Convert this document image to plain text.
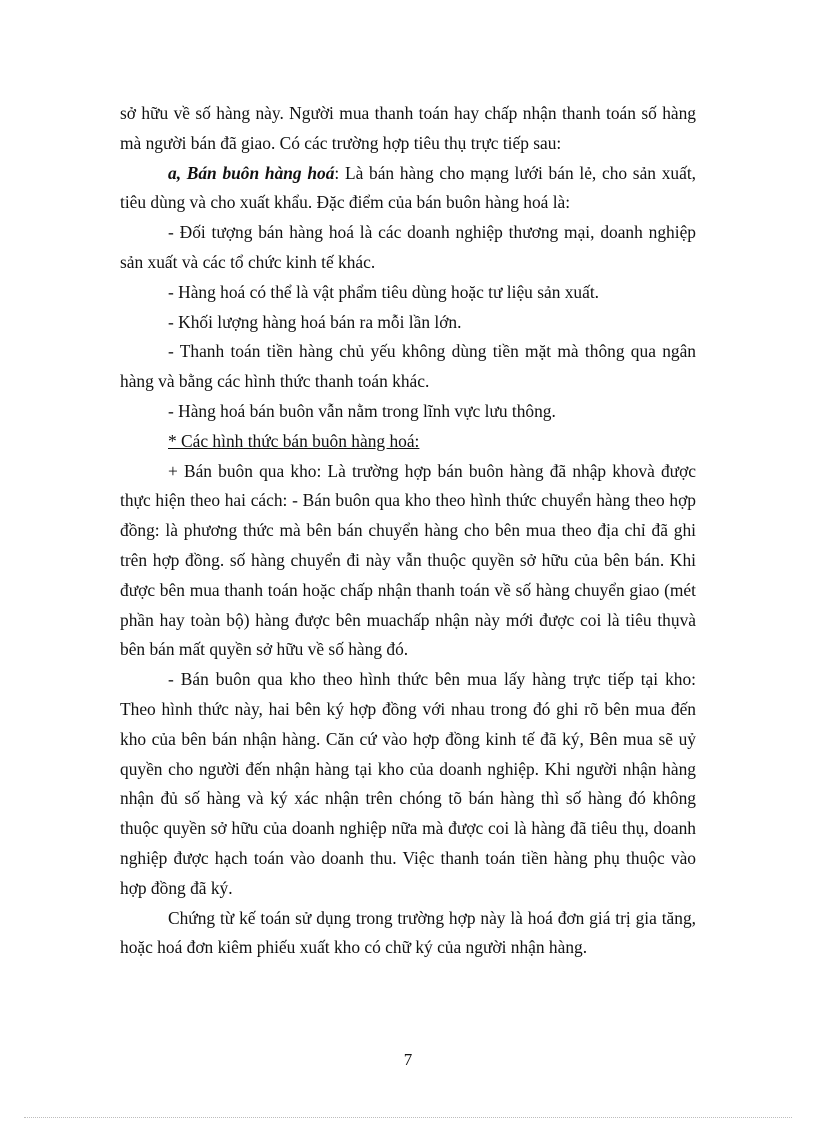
sở hữu về số hàng này. Người mua thanh toán hay chấp nhận thanh toán số hàng mà người bán đã giao. Có các trường hợp tiêu thụ trực tiếp sau:

a, Bán buôn hàng hoá: Là bán hàng cho mạng lưới bán lẻ, cho sản xuất, tiêu dùng và cho xuất khẩu. Đặc điểm của bán buôn hàng hoá là:

- Đối tượng bán hàng hoá là các doanh nghiệp thương mại, doanh nghiệp sản xuất và các tổ chức kinh tế khác.

- Hàng hoá có thể là vật phẩm tiêu dùng hoặc tư liệu sản xuất.

- Khối lượng hàng hoá bán ra mỗi lần lớn.

- Thanh toán tiền hàng chủ yếu không dùng tiền mặt mà thông qua ngân hàng và bằng các hình thức thanh toán khác.

- Hàng hoá bán buôn vẫn nằm trong lĩnh vực lưu thông.

* Các hình thức bán buôn hàng hoá:

+ Bán buôn qua kho: Là trường hợp bán buôn hàng đã nhập khovà được thực hiện theo hai cách: - Bán buôn qua kho theo hình thức chuyển hàng theo hợp đồng: là phương thức mà bên bán chuyển hàng cho bên mua theo địa chỉ đã ghi trên hợp đồng. số hàng chuyển đi này vẫn thuộc quyền sở hữu của bên bán. Khi được bên mua thanh toán hoặc chấp nhận thanh toán về số hàng chuyển giao (mét phần hay toàn bộ) hàng được bên muachấp nhận này mới được coi là tiêu thụvà bên bán mất quyền sở hữu về số hàng đó.

- Bán buôn qua kho theo hình thức bên mua lấy hàng trực tiếp tại kho: Theo hình thức này, hai bên ký hợp đồng với nhau trong đó ghi rõ bên mua đến kho của bên bán nhận hàng. Căn cứ vào hợp đồng kinh tế đã ký, Bên mua sẽ uỷ quyền cho người đến nhận hàng tại kho của doanh nghiệp. Khi người nhận hàng nhận đủ số hàng và ký xác nhận trên chóng tõ bán hàng thì số hàng đó không thuộc quyền sở hữu của doanh nghiệp nữa mà được coi là hàng đã tiêu thụ, doanh nghiệp được hạch toán vào doanh thu. Việc thanh toán tiền hàng phụ thuộc vào hợp đồng đã ký.

Chứng từ kế toán sử dụng trong trường hợp này là hoá đơn giá trị gia tăng, hoặc hoá đơn kiêm phiếu xuất kho có chữ ký của người nhận hàng.

7
